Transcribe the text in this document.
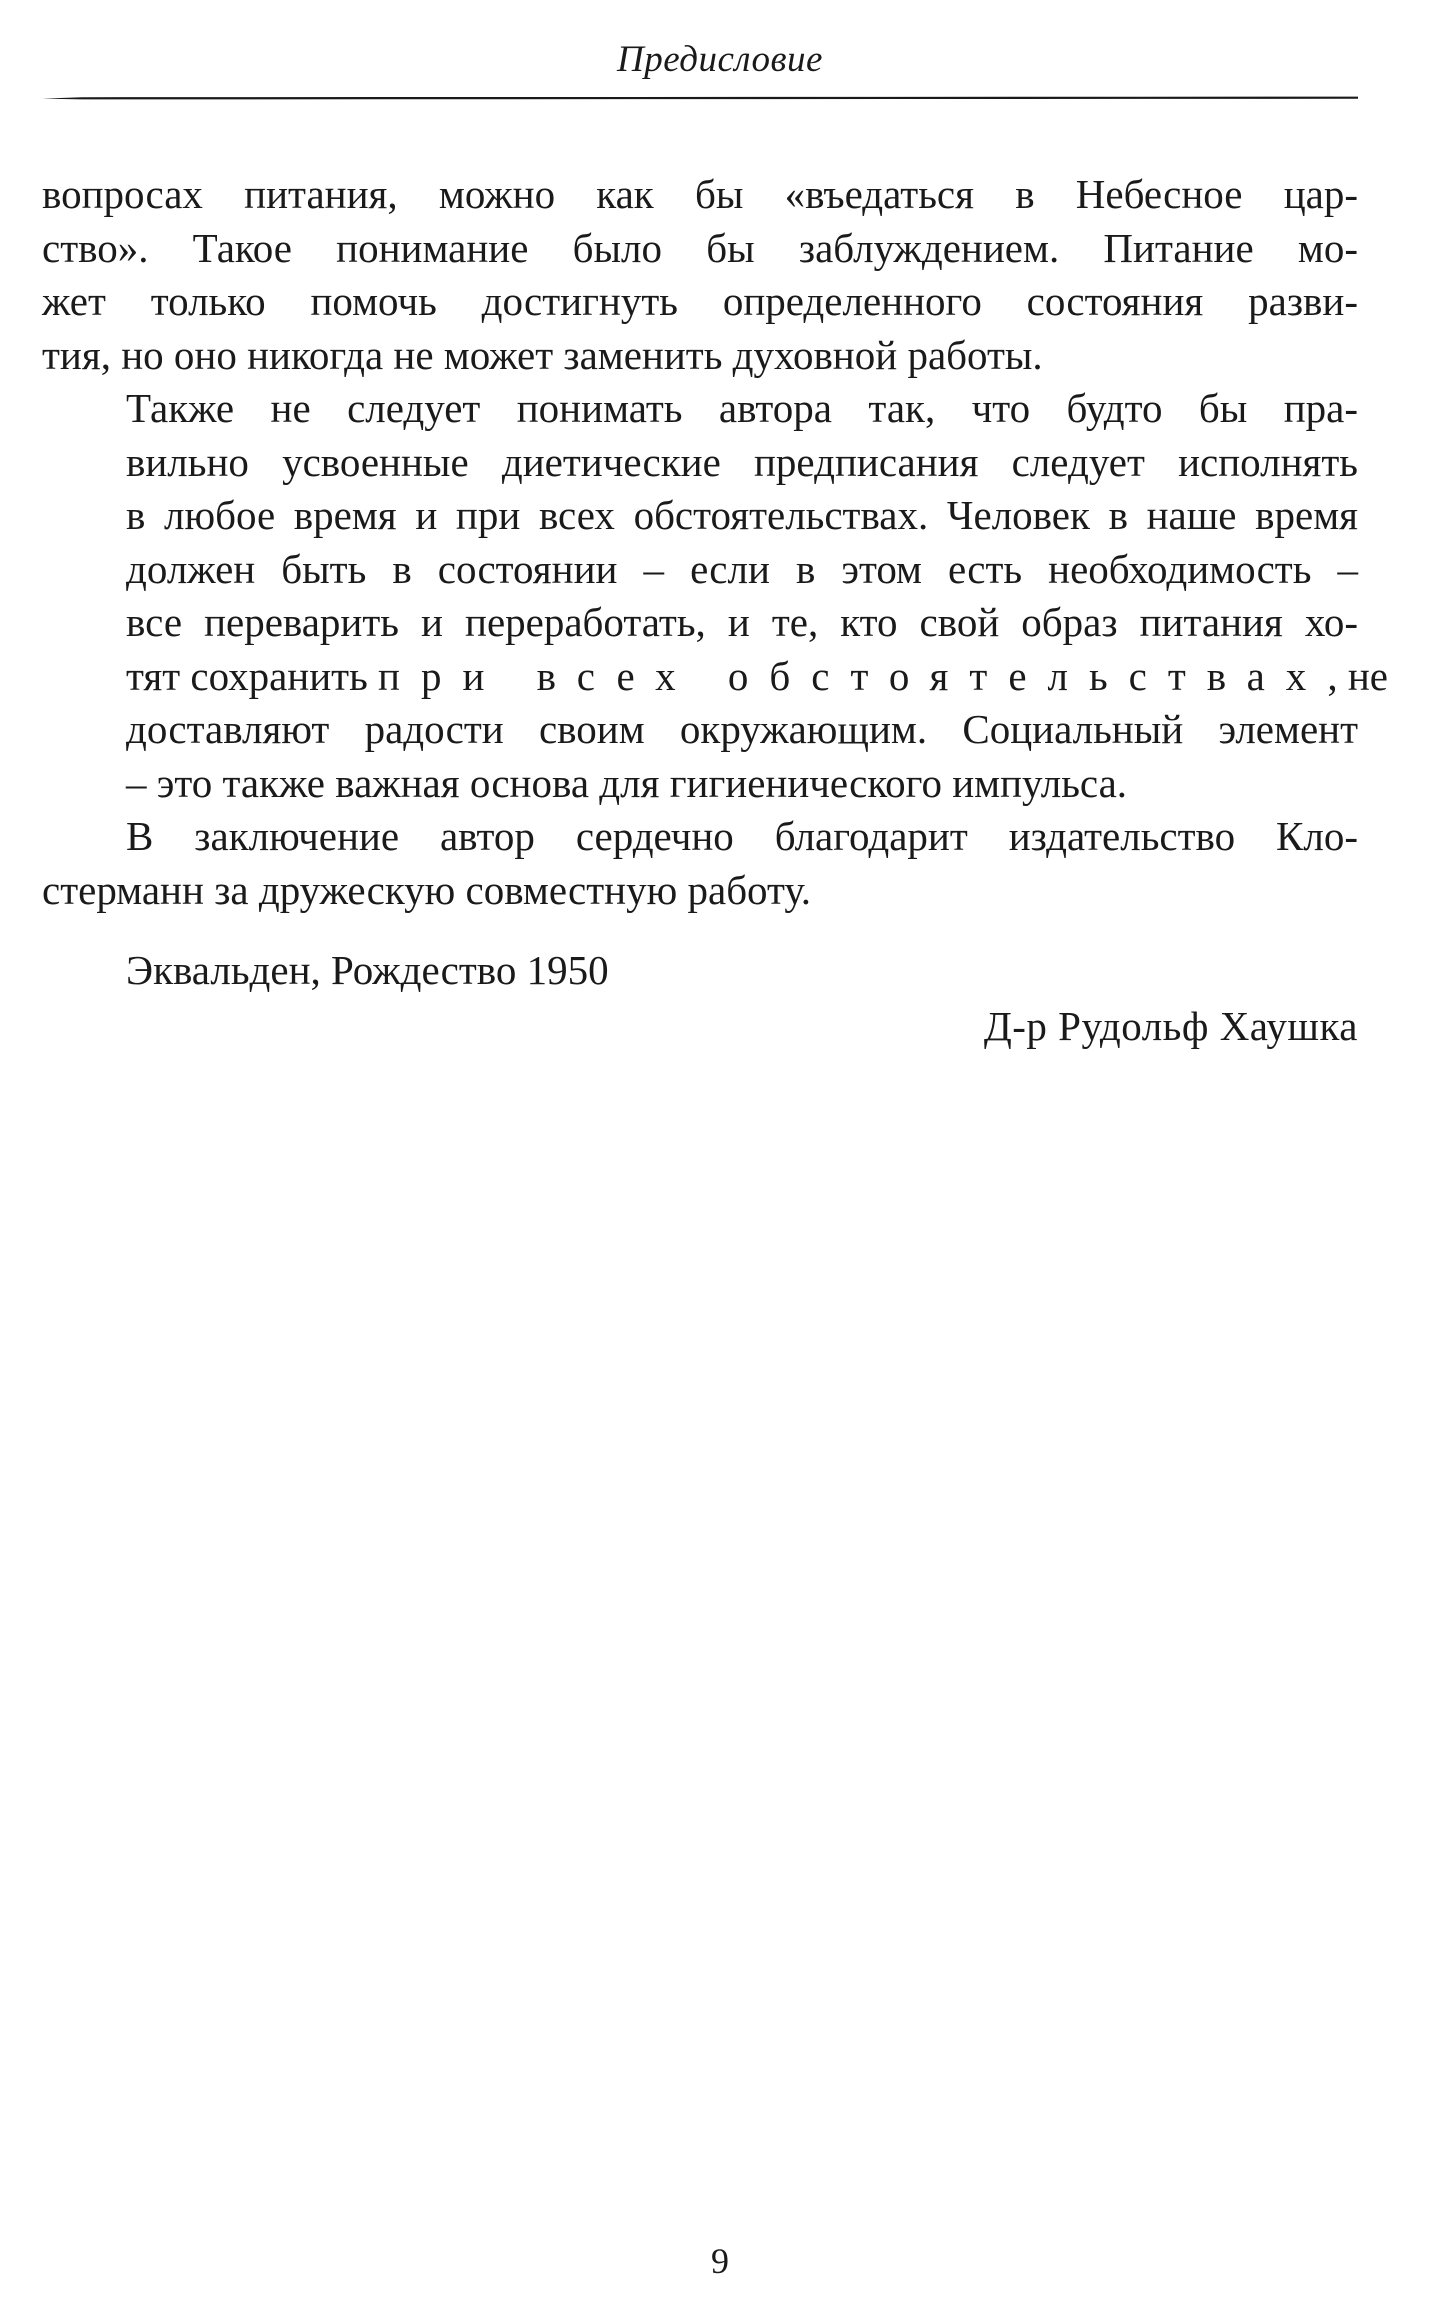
Предисловие

вопросах питания, можно как бы «въедаться в Небесное цар-
ство». Такое понимание было бы заблуждением. Питание мо-
жет только помочь достигнуть определенного состояния разви-
тия, но оно никогда не может заменить духовной работы.

Также не следует понимать автора так, что будто бы пра-
вильно усвоенные диетические предписания следует исполнять
в любое время и при всех обстоятельствах. Человек в наше время
должен быть в состоянии – если в этом есть необходимость –
все переварить и переработать, и те, кто свой образ питания хо-
тят сохранить при всех обстоятельствах, не
доставляют радости своим окружающим. Социальный элемент
– это также важная основа для гигиенического импульса.

В заключение автор сердечно благодарит издательство Кло-
стерманн за дружескую совместную работу.

Эквальден, Рождество 1950
Д-р Рудольф Хаушка
9
